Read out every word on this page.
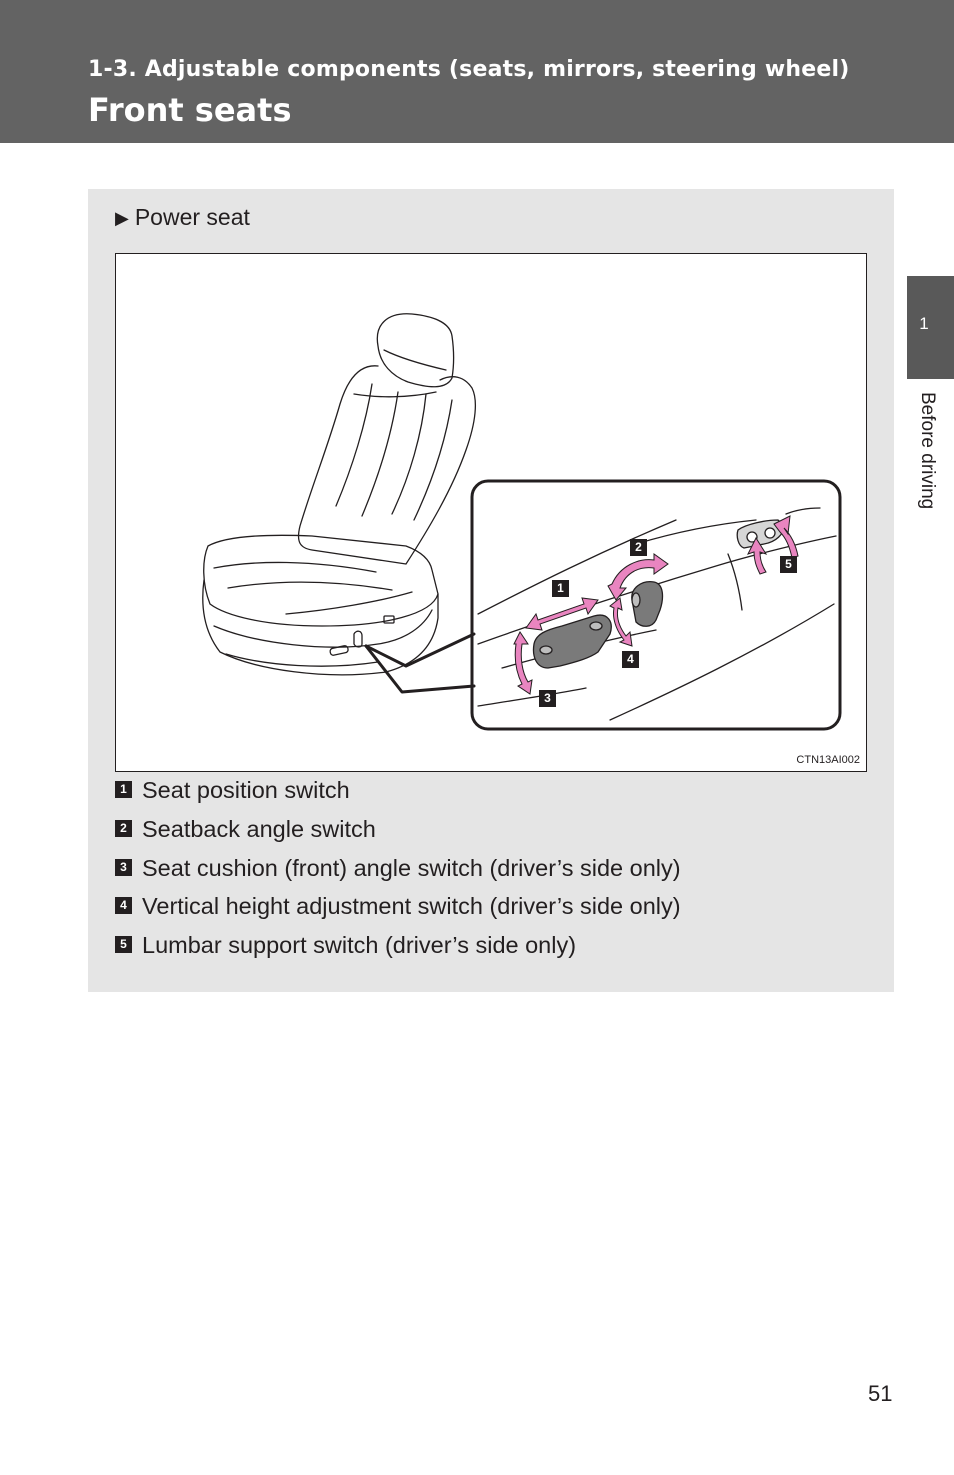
1-3. Adjustable components (seats, mirrors, steering wheel)
Front seats
1
Before driving
▶ Power seat
2
1
5
4
3
CTN13AI002
1 Seat position switch
2 Seatback angle switch
3 Seat cushion (front) angle switch (driver’s side only)
4 Vertical height adjustment switch (driver’s side only)
5 Lumbar support switch (driver’s side only)
51
